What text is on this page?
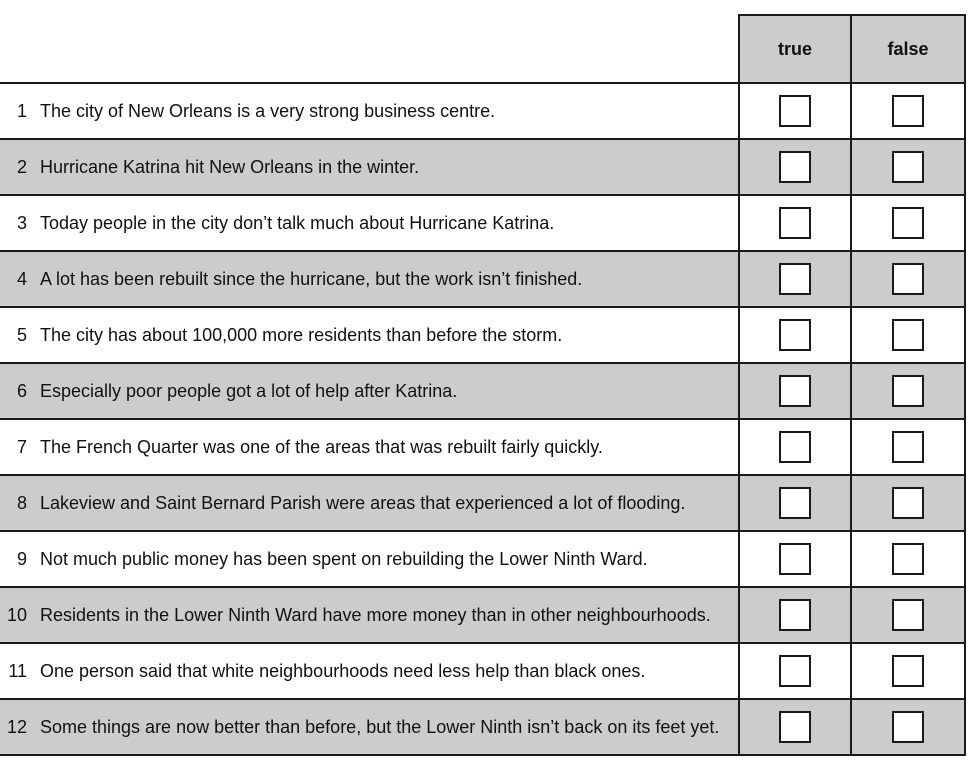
	true	false

1 The city of New Orleans is a very strong business centre.		

2 Hurricane Katrina hit New Orleans in the winter.		

3 Today people in the city don’t talk much about Hurricane Katrina.		

4 A lot has been rebuilt since the hurricane, but the work isn’t finished.		

5 The city has about 100,000 more residents than before the storm.		

6 Especially poor people got a lot of help after Katrina.		

7 The French Quarter was one of the areas that was rebuilt fairly quickly.		

8 Lakeview and Saint Bernard Parish were areas that experienced a lot of flooding.		

9 Not much public money has been spent on rebuilding the Lower Ninth Ward.		

10 Residents in the Lower Ninth Ward have more money than in other neighbourhoods.		

11 One person said that white neighbourhoods need less help than black ones.		

12 Some things are now better than before, but the Lower Ninth isn’t back on its feet yet.		
